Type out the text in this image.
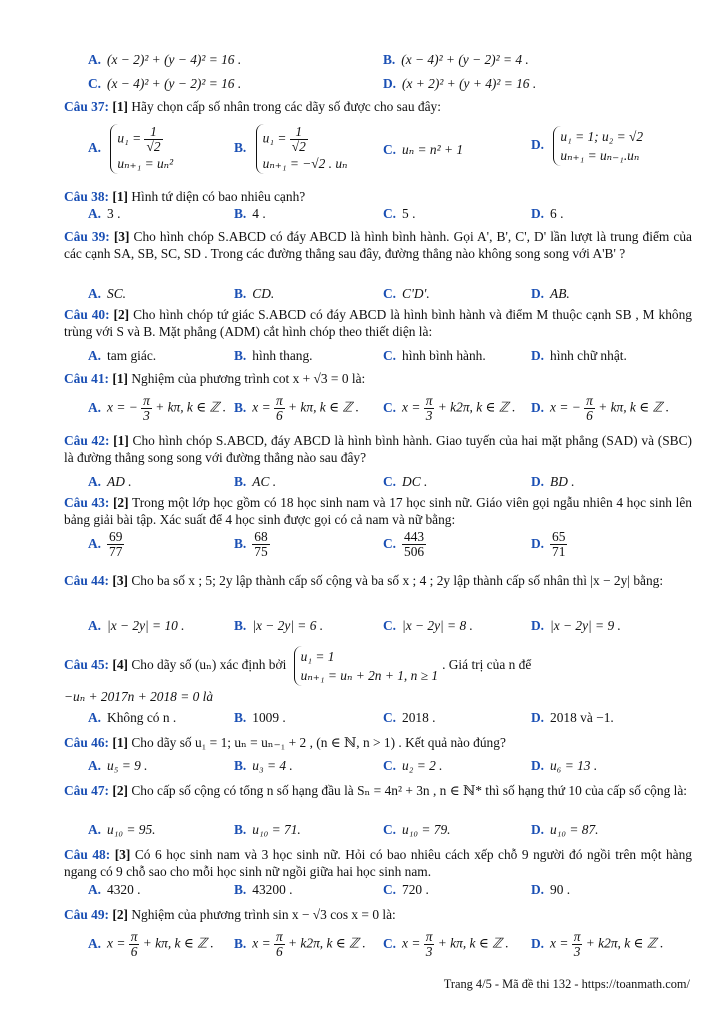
A. (x − 2)² + (y − 4)² = 16 .	B. (x − 4)² + (y − 2)² = 4 .
C. (x − 4)² + (y − 2)² = 16 .	D. (x + 2)² + (y + 4)² = 16 .

Câu 37: [1] Hãy chọn cấp số nhân trong các dãy số được cho sau đây:

A. $u_1 = \frac{1}{√2}$

uₙ₊₁ = uₙ²
B. $u_1 = \frac{1}{√2}$

uₙ₊₁ = −√2 . uₙ
C. uₙ = n² + 1	D. u₁ = 1; u₂ = √2
uₙ₊₁ = uₙ₋₁.uₙ

Câu 38: [1] Hình tứ diện có bao nhiêu cạnh?

A. 3 .	B. 4 .	C. 5 .	D. 6 .

Câu 39: [3] Cho hình chóp S.ABCD có đáy ABCD là hình bình hành. Gọi A', B', C', D' lần lượt là trung điểm của các cạnh SA, SB, SC, SD . Trong các đường thẳng sau đây, đường thẳng nào không song song với A'B' ?

A. SC.	B. CD.	C. C'D'.	D. AB.

Câu 40: [2] Cho hình chóp tứ giác S.ABCD có đáy ABCD là hình bình hành và điểm M thuộc cạnh SB , M không trùng với S và B. Mặt phẳng (ADM) cắt hình chóp theo thiết diện là:

A. tam giác.	B. hình thang.	C. hình bình hành.	D. hình chữ nhật.

Câu 41: [1] Nghiệm của phương trình cot x + √3 = 0 là:

A. x = − $\frac{\pi}{3} + k\pi$, k ∈ ℤ . B. $x = \frac{\pi}{6} + k\pi$, k ∈ ℤ . C. $x = \frac{\pi}{3} + k2\pi$, k ∈ ℤ . D. x = − $\frac{\pi}{6} + k\pi$, k ∈ ℤ .

Câu 42: [1] Cho hình chóp S.ABCD, đáy ABCD là hình bình hành. Giao tuyến của hai mặt phẳng (SAD) và (SBC) là đường thẳng song song với đường thẳng nào sau đây?

A. AD .	B. AC .	C. DC .	D. BD .

Câu 43: [2] Trong một lớp học gồm có 18 học sinh nam và 17 học sinh nữ. Giáo viên gọi ngẫu nhiên 4 học sinh lên bảng giải bài tập. Xác suất để 4 học sinh được gọi có cả nam và nữ bằng:

A. $\frac{69}{77}$	B. $\frac{68}{75}$	C. $\frac{443}{506}$	D. $\frac{65}{71}$

Câu 44: [3] Cho ba số x ; 5; 2y lập thành cấp số cộng và ba số x ; 4 ; 2y lập thành cấp số nhân thì |x − 2y| bằng:

A. |x − 2y| = 10 .	B. |x − 2y| = 6 .	C. |x − 2y| = 8 .	D. |x − 2y| = 9 .

Câu 45: [4] Cho dãy số (uₙ) xác định bởi u₁ = 1
uₙ₊₁ = uₙ + 2n + 1, n ≥ 1. Giá trị của n để

−uₙ + 2017n + 2018 = 0 là

A. Không có n .	B. 1009 .	C. 2018 .	D. 2018 và −1.

Câu 46: [1] Cho dãy số u₁ = 1; uₙ = uₙ₋₁ + 2 , (n ∈ ℕ, n > 1) . Kết quả nào đúng?

A. u₅ = 9 .	B. u₃ = 4 .	C. u₂ = 2 .	D. u₆ = 13 .

Câu 47: [2] Cho cấp số cộng có tổng n số hạng đầu là Sₙ = 4n² + 3n , n ∈ ℕ* thì số hạng thứ 10 của cấp số cộng là:

A. u₁₀ = 95.	B. u₁₀ = 71.	C. u₁₀ = 79.	D. u₁₀ = 87.

Câu 48: [3] Có 6 học sinh nam và 3 học sinh nữ. Hỏi có bao nhiêu cách xếp chỗ 9 người đó ngồi trên một hàng ngang có 9 chỗ sao cho mỗi học sinh nữ ngồi giữa hai học sinh nam.

A. 4320 .	B. 43200 .	C. 720 .	D. 90 .

Câu 49: [2] Nghiệm của phương trình sin x − √3 cos x = 0 là:

A. $x = \frac{\pi}{6} + k\pi$, k ∈ ℤ . B. $x = \frac{\pi}{6} + k2\pi$, k ∈ ℤ . C. $x = \frac{\pi}{3} + k\pi$, k ∈ ℤ . D. $x = \frac{\pi}{3} + k2\pi$, k ∈ ℤ .
Trang 4/5 - Mã đề thi 132 - https://toanmath.com/
